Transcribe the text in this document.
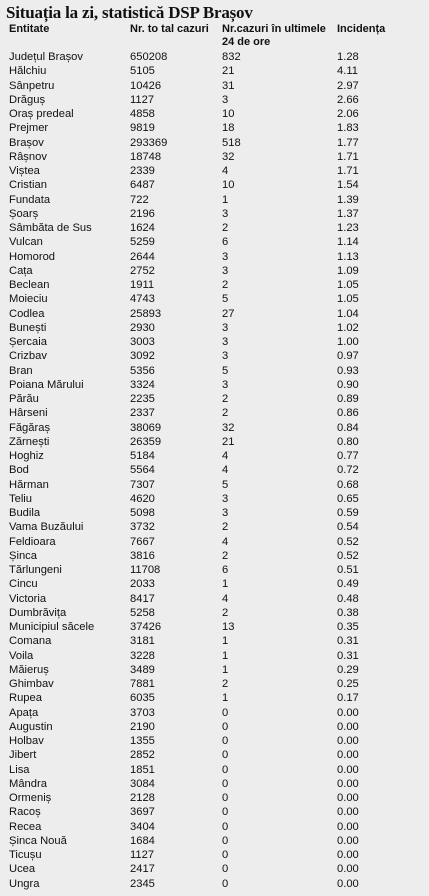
Situația la zi, statistică DSP Brașov
Entitate	Nr. to tal cazuri	Nr.cazuri în ultimele 24 de ore	Incidența
Județul Brașov	650208	832	1.28
Hălchiu	5105	21	4.11
Sânpetru	10426	31	2.97
Drăguș	1127	3	2.66
Oraș predeal	4858	10	2.06
Prejmer	9819	18	1.83
Brașov	293369	518	1.77
Râșnov	18748	32	1.71
Viștea	2339	4	1.71
Cristian	6487	10	1.54
Fundata	722	1	1.39
Șoarș	2196	3	1.37
Sâmbăta de Sus	1624	2	1.23
Vulcan	5259	6	1.14
Homorod	2644	3	1.13
Cața	2752	3	1.09
Beclean	1911	2	1.05
Moieciu	4743	5	1.05
Codlea	25893	27	1.04
Bunești	2930	3	1.02
Șercaia	3003	3	1.00
Crizbav	3092	3	0.97
Bran	5356	5	0.93
Poiana Mărului	3324	3	0.90
Părău	2235	2	0.89
Hârseni	2337	2	0.86
Făgăraș	38069	32	0.84
Zărnești	26359	21	0.80
Hoghiz	5184	4	0.77
Bod	5564	4	0.72
Hărman	7307	5	0.68
Teliu	4620	3	0.65
Budila	5098	3	0.59
Vama Buzăului	3732	2	0.54
Feldioara	7667	4	0.52
Șinca	3816	2	0.52
Tărlungeni	11708	6	0.51
Cincu	2033	1	0.49
Victoria	8417	4	0.48
Dumbrăvița	5258	2	0.38
Municipiul săcele	37426	13	0.35
Comana	3181	1	0.31
Voila	3228	1	0.31
Măieruș	3489	1	0.29
Ghimbav	7881	2	0.25
Rupea	6035	1	0.17
Apața	3703	0	0.00
Augustin	2190	0	0.00
Holbav	1355	0	0.00
Jibert	2852	0	0.00
Lisa	1851	0	0.00
Mândra	3084	0	0.00
Ormeniș	2128	0	0.00
Racoș	3697	0	0.00
Recea	3404	0	0.00
Șinca Nouă	1684	0	0.00
Ticușu	1127	0	0.00
Ucea	2417	0	0.00
Ungra	2345	0	0.00
